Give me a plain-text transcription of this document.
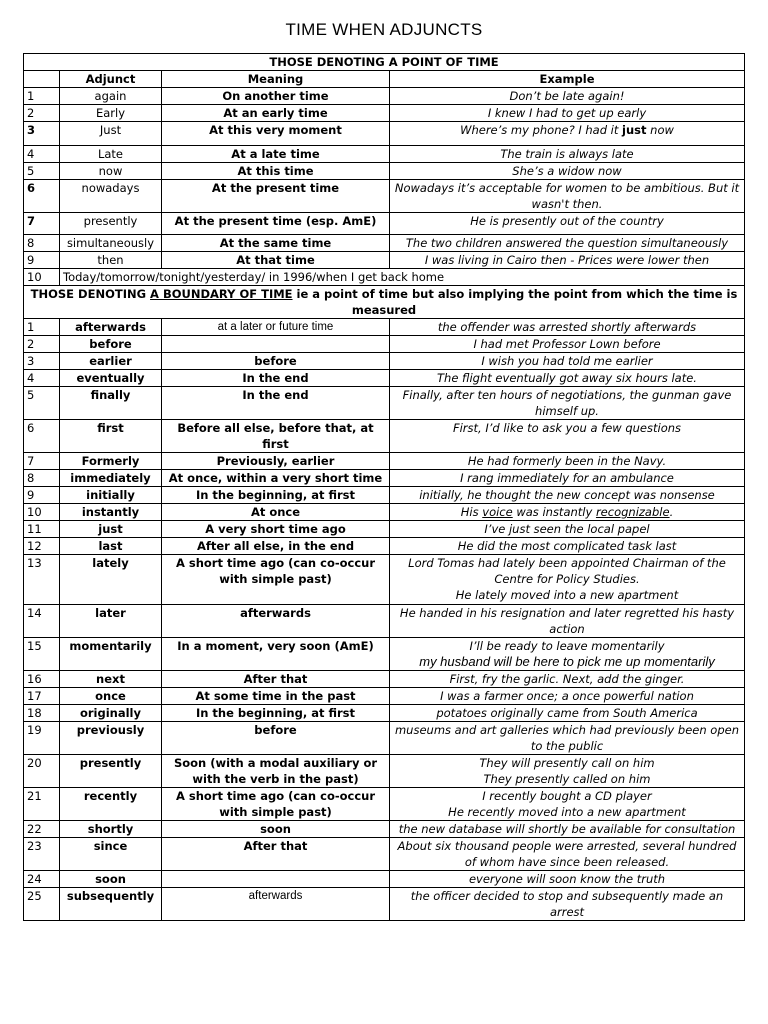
TIME WHEN ADJUNCTS
THOSE DENOTING A POINT OF TIME			
	Adjunct	Meaning	Example
1	again	On another time	Don’t be late again!
2	Early	At an early time	I knew I had to get up early
3	Just	At this very moment	Where’s my phone? I had it just now
4	Late	At a late time	The train is always late
5	now	At this time	She’s a widow now
6	nowadays	At the present time	Nowadays it’s acceptable for women to be ambitious. But it wasn't then.
7	presently	At the present time (esp. AmE)	He is presently out of the country
8	simultaneously	At the same time	The two children answered the question simultaneously
9	then	At that time	I was living in Cairo then - Prices were lower then
10	Today/tomorrow/tonight/yesterday/ in 1996/when I get back home		
THOSE DENOTING A BOUNDARY OF TIME ie a point of time but also implying the point from which the time is measured			
1	afterwards	at a later or future time	the offender was arrested shortly afterwards
2	before		I had met Professor Lown before
3	earlier	before	I wish you had told me earlier
4	eventually	In the end	The flight eventually got away six hours late.
5	finally	In the end	Finally, after ten hours of negotiations, the gunman gave himself up.
6	first	Before all else, before that, at first	First, I’d like to ask you a few questions
7	Formerly	Previously, earlier	He had formerly been in the Navy.
8	immediately	At once, within a very short time	I rang immediately for an ambulance
9	initially	In the beginning, at first	initially, he thought the new concept was nonsense
10	instantly	At once	His voice was instantly recognizable.
11	just	A very short time ago	I’ve just seen the local papel
12	last	After all else, in the end	He did the most complicated task last
13	lately	A short time ago (can co-occur with simple past)	Lord Tomas had lately been appointed Chairman of the Centre for Policy Studies.
He lately moved into a new apartment

14	later	afterwards	He handed in his resignation and later regretted his hasty action
15	momentarily	In a moment, very soon (AmE)	I’ll be ready to leave momentarily
my husband will be here to pick me up momentarily

16	next	After that	First, fry the garlic. Next, add the ginger.
17	once	At some time in the past	I was a farmer once; a once powerful nation
18	originally	In the beginning, at first	potatoes originally came from South America
19	previously	before	museums and art galleries which had previously been open to the public
20	presently	Soon (with a modal auxiliary or with the verb in the past)	They will presently call on him
They presently called on him

21	recently	A short time ago (can co-occur with simple past)	I recently bought a CD player
He recently moved into a new apartment

22	shortly	soon	the new database will shortly be available for consultation
23	since	After that	About six thousand people were arrested, several hundred of whom have since been released.
24	soon		everyone will soon know the truth
25	subsequently	afterwards	the officer decided to stop and subsequently made an arrest
